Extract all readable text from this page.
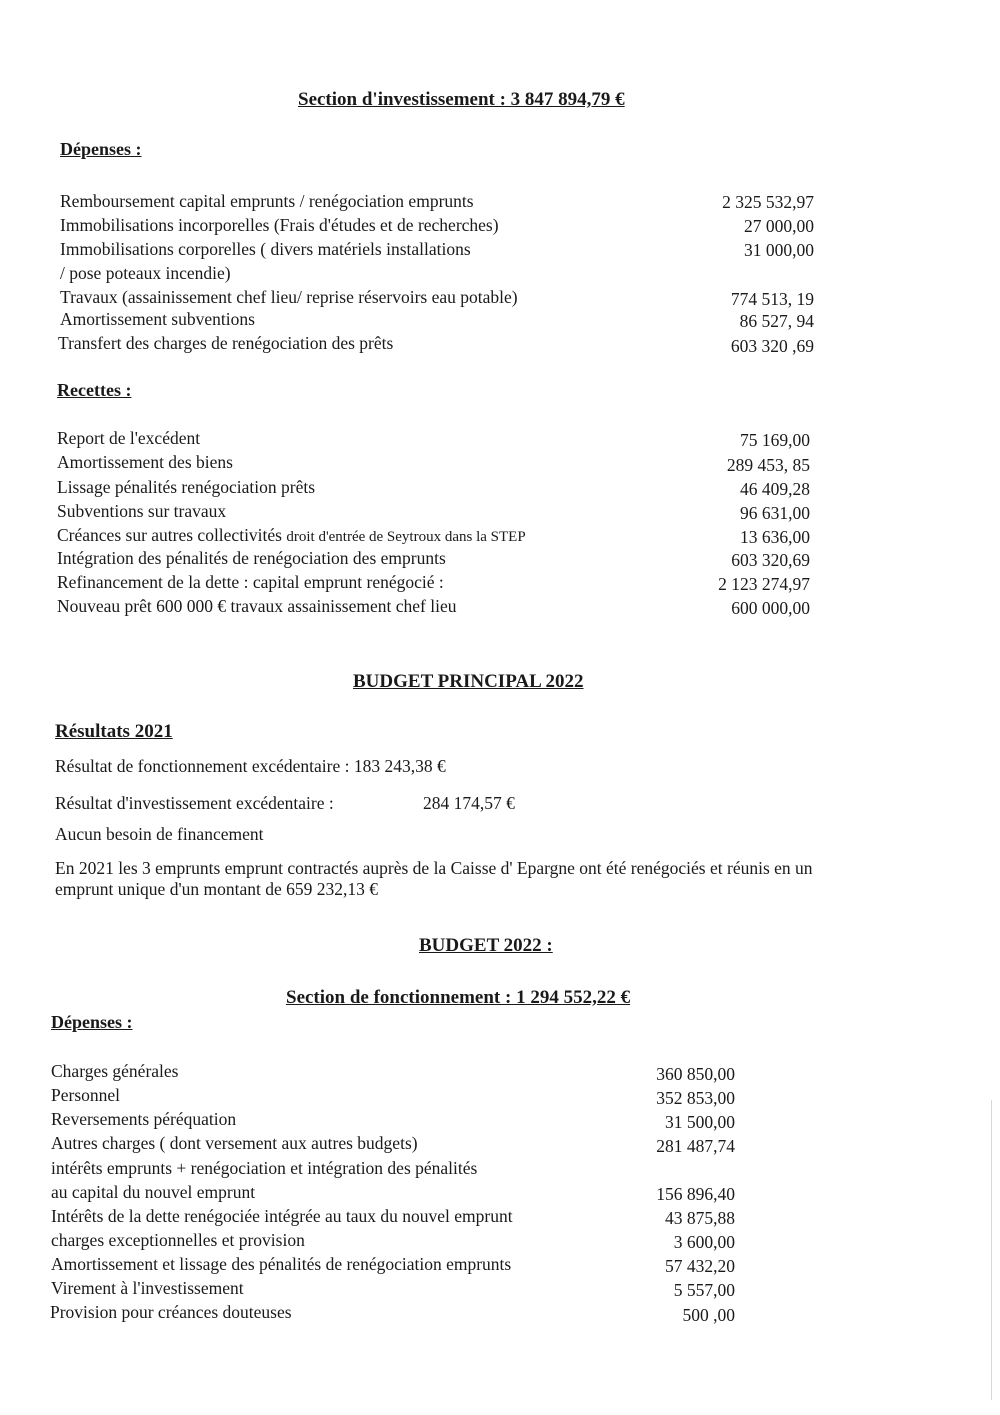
Section d'investissement : 3 847 894,79 €
Dépenses :
Remboursement capital emprunts / renégociation emprunts	2 325 532,97
Immobilisations incorporelles (Frais d'études et de recherches)	27 000,00
Immobilisations corporelles ( divers matériels installations	31 000,00
/ pose poteaux incendie)
Travaux (assainissement chef lieu/ reprise réservoirs eau potable)	774 513, 19
Amortissement subventions	86 527, 94
Transfert des charges de renégociation des prêts	603 320 ,69
Recettes :
Report de l'excédent	75 169,00
Amortissement des biens	289 453, 85
Lissage pénalités renégociation prêts	46 409,28
Subventions sur travaux	96 631,00
Créances sur autres collectivités droit d'entrée de Seytroux dans la STEP	13 636,00
Intégration des pénalités de renégociation des emprunts	603 320,69
Refinancement de la dette : capital emprunt renégocié :	2 123 274,97
Nouveau prêt 600 000 € travaux assainissement chef lieu	600 000,00
BUDGET PRINCIPAL 2022
Résultats 2021
Résultat de fonctionnement excédentaire : 183 243,38 €
Résultat d'investissement excédentaire :	284 174,57 €
Aucun besoin de financement
En 2021 les 3 emprunts emprunt contractés auprès de la Caisse d' Epargne ont été renégociés et réunis en un
emprunt unique d'un montant de 659 232,13 €
BUDGET 2022 :
Section de fonctionnement : 1 294 552,22 €
Dépenses :
Charges générales	360 850,00
Personnel	352 853,00
Reversements péréquation	31 500,00
Autres charges ( dont versement aux autres budgets)	281 487,74
intérêts emprunts + renégociation et intégration des pénalités
au capital du nouvel emprunt	156 896,40
Intérêts de la dette renégociée intégrée au taux du nouvel emprunt	43 875,88
charges exceptionnelles et provision	3 600,00
Amortissement et lissage des pénalités de renégociation emprunts	57 432,20
Virement à l'investissement	5 557,00
Provision pour créances douteuses	500 ,00
